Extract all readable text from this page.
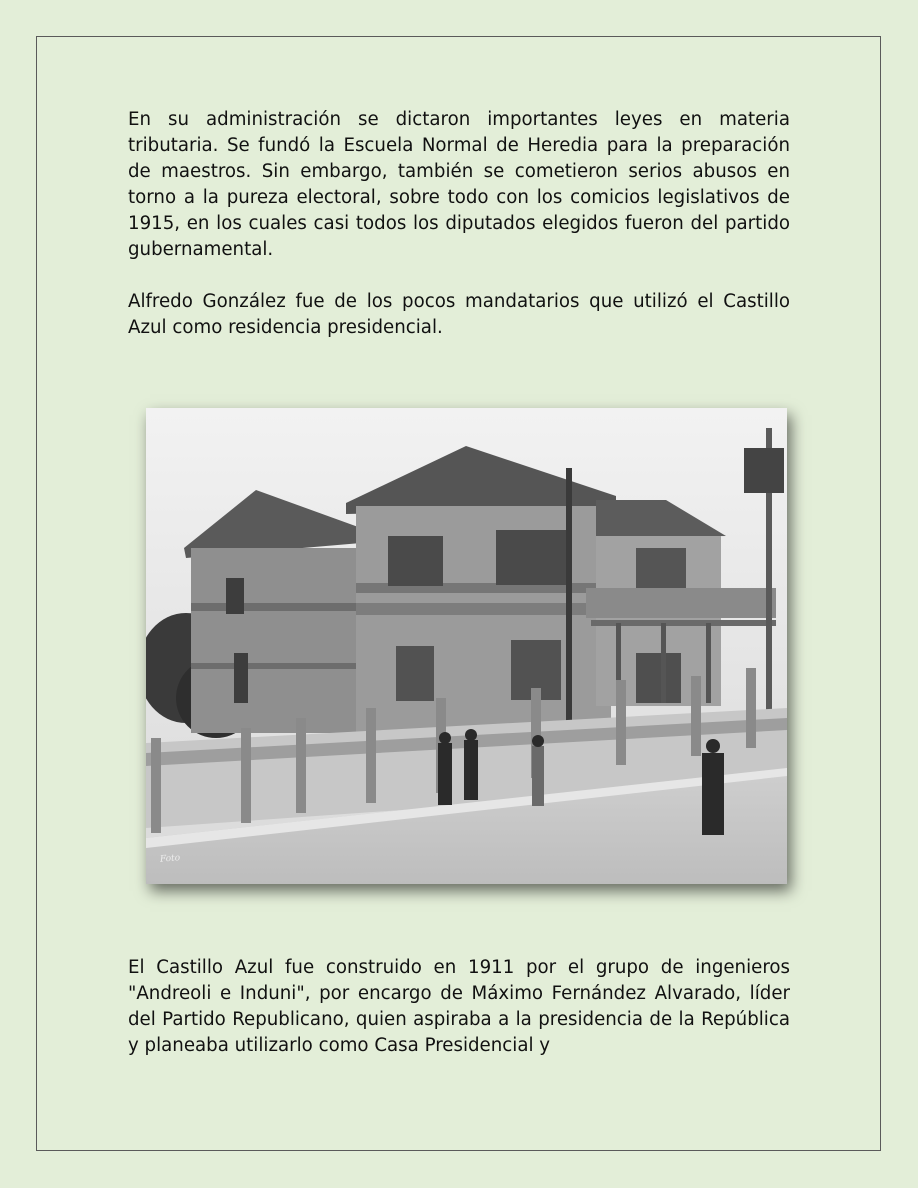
En su administración se dictaron importantes leyes en materia tributaria. Se fundó la Escuela Normal de Heredia para la preparación de maestros. Sin embargo, también se cometieron serios abusos en torno a la pureza electoral, sobre todo con los comicios legislativos de 1915, en los cuales casi todos los diputados elegidos fueron del partido gubernamental.

Alfredo González fue de los pocos mandatarios que utilizó el Castillo Azul como residencia presidencial.

Foto

El Castillo Azul fue construido en 1911 por el grupo de ingenieros "Andreoli e Induni", por encargo de Máximo Fernández Alvarado, líder del Partido Republicano, quien aspiraba a la presidencia de la República y planeaba utilizarlo como Casa Presidencial y
